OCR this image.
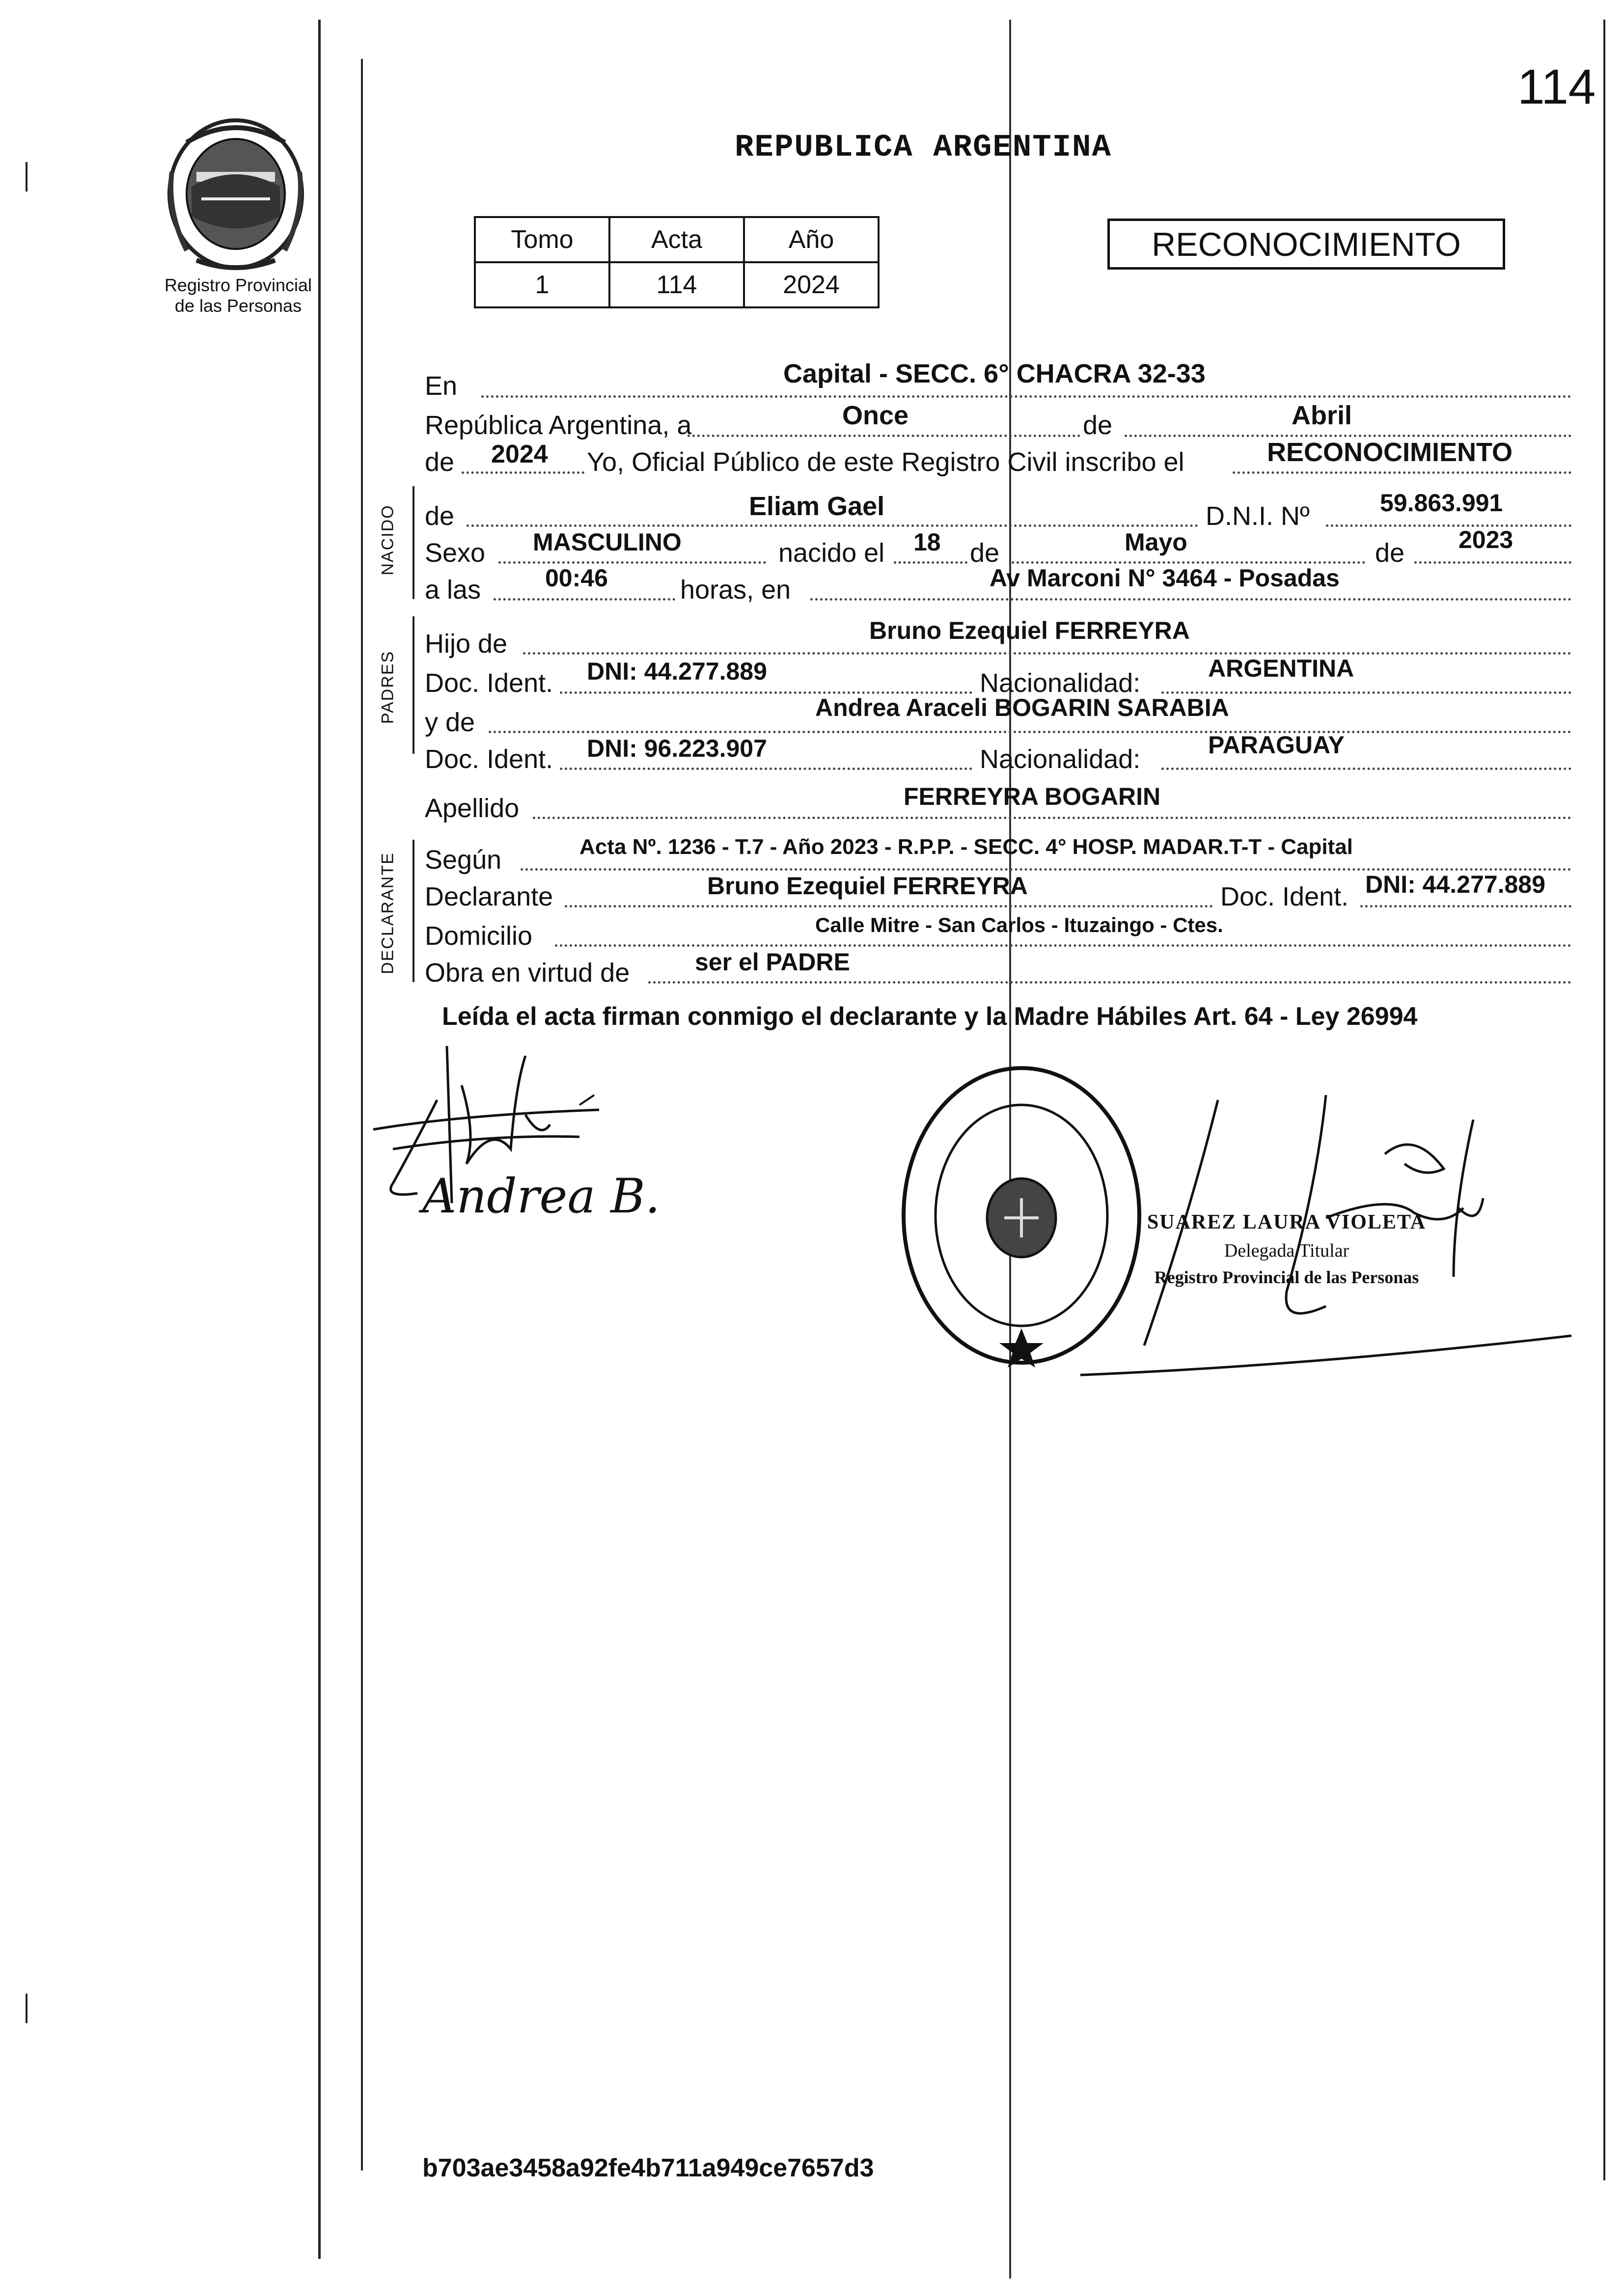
114
Registro Provincial
de las Personas
REPUBLICA ARGENTINA
Tomo	Acta	Año
1	114	2024
RECONOCIMIENTO
NACIDO
PADRES
DECLARANTE
En	Capital - SECC. 6° CHACRA 32-33
República Argentina, a	Once	de	Abril
de 2024 Yo, Oficial Público de este Registro Civil inscribo el	RECONOCIMIENTO
de	Eliam Gael	D.N.I. Nº	59.863.991
Sexo MASCULINO	nacido el 18 de	Mayo	de 2023
a las	00:46	horas, en	Av Marconi N° 3464 - Posadas
Hijo de	Bruno Ezequiel FERREYRA
Doc. Ident. DNI: 44.277.889	Nacionalidad:	ARGENTINA
y de	Andrea Araceli BOGARIN SARABIA
Doc. Ident. DNI: 96.223.907	Nacionalidad:	PARAGUAY
Apellido	FERREYRA BOGARIN
Según	Acta Nº. 1236 - T.7 - Año 2023 - R.P.P. - SECC. 4° HOSP. MADAR.T-T - Capital
Declarante	Bruno Ezequiel FERREYRA	Doc. Ident. DNI: 44.277.889
Domicilio	Calle Mitre - San Carlos - Ituzaingo - Ctes.
Obra en virtud de	ser el PADRE
Leída el acta firman conmigo el declarante y la Madre Hábiles Art. 64 - Ley 26994
Andrea B.	SUAREZ LAURA VIOLETA
Delegada Titular
Registro Provincial de las Personas
b703ae3458a92fe4b711a949ce7657d3
